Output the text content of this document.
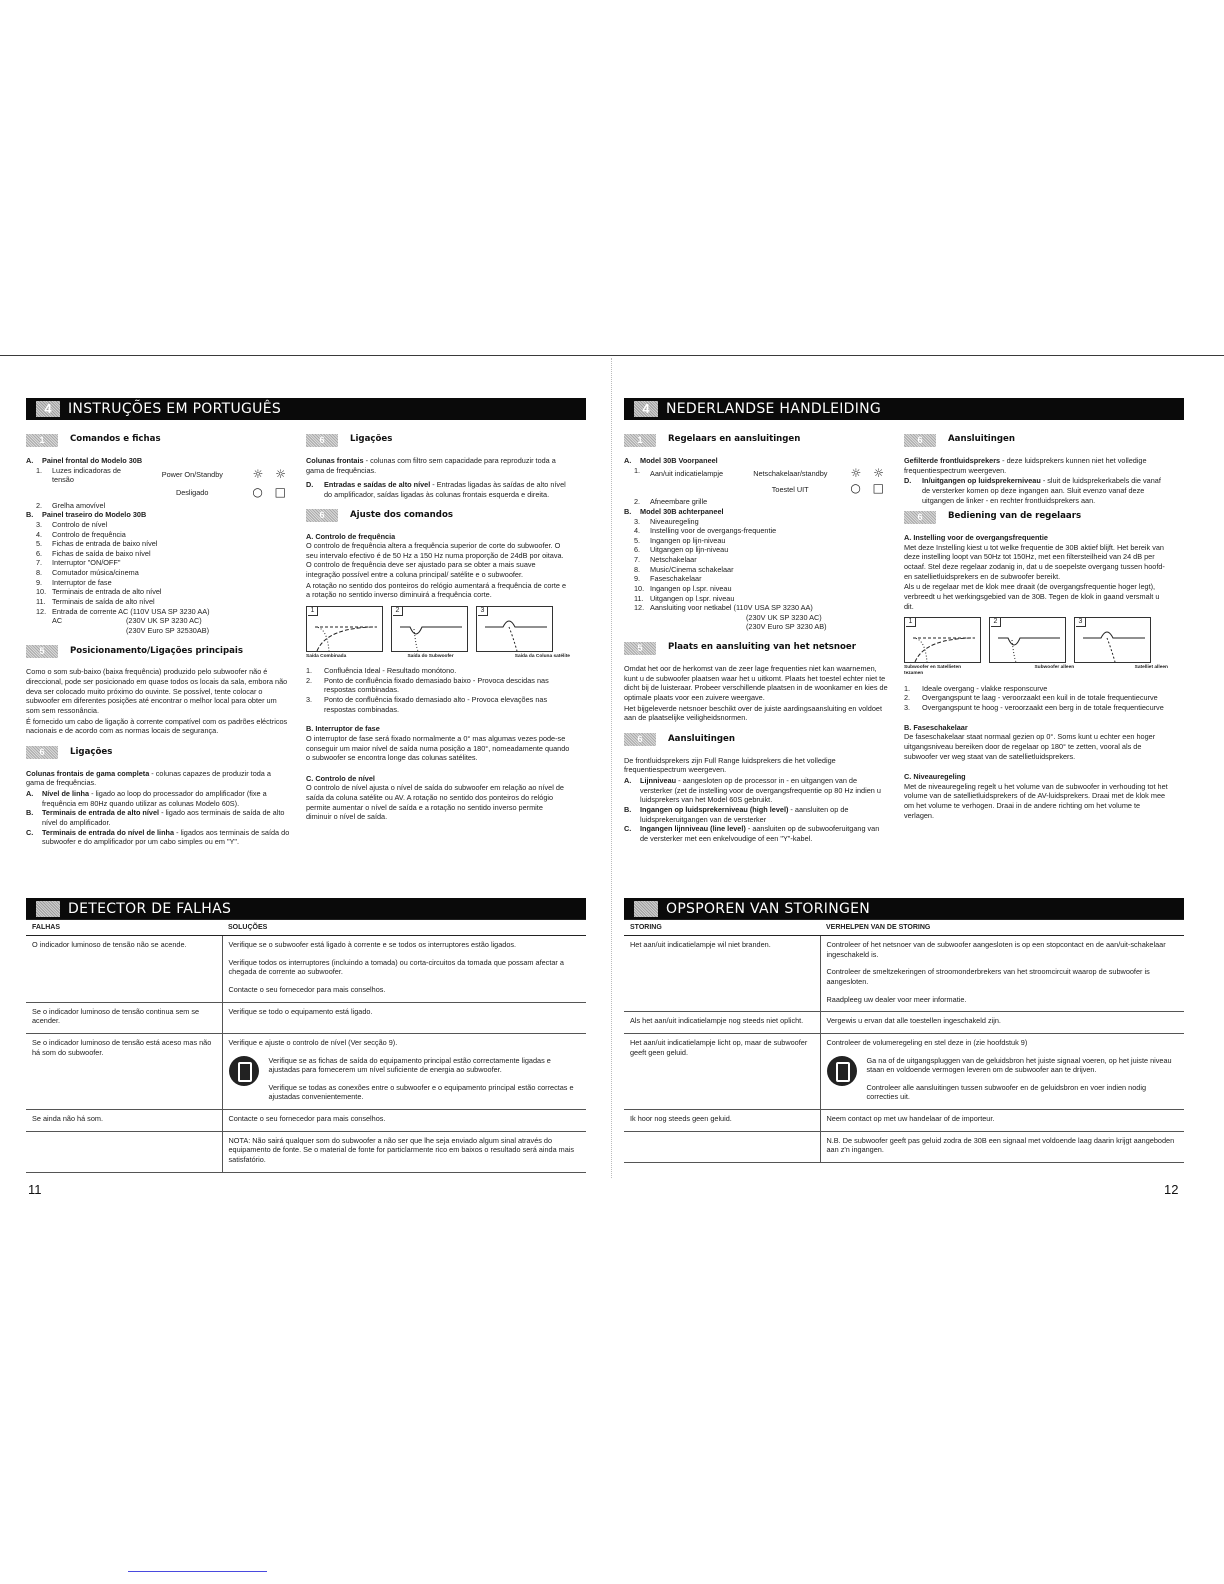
4	INSTRUÇÕES EM PORTUGUÊS
1	Comandos e fichas
A.	Painel frontal do Modelo 30B
1.	Luzes indicadoras de tensão
Power On/Standby ☼ ☼
Desligado	○ □
2.	Grelha amovível
B.	Painel traseiro do Modelo 30B
3.	Controlo de nível
4.	Controlo de frequência
5.	Fichas de entrada de baixo nível
6.	Fichas de saída de baixo nível
7.	Interruptor "ON/OFF"
8.	Comutador música/cinema
9.	Interruptor de fase
10. Terminais de entrada de alto nível
11. Terminais de saída de alto nível
12. Entrada de corrente AC (110V USA SP 3230 AA)
AC	(230V UK SP 3230 AC)
(230V Euro SP 32530AB)
5	Posicionamento/Ligações principais

Como o som sub-baixo (baixa frequência) produzido pelo subwoofer não é direccional, pode ser posicionado em quase todos os locais da sala, embora não deva ser colocado muito próximo do ouvinte. Se possível, tente colocar o subwoofer em diferentes posições até encontrar o melhor local para obter um som sem ressonância.

É fornecido um cabo de ligação à corrente compatível com os padrões eléctricos nacionais e de acordo com as normas locais de segurança.

6	Ligações

Colunas frontais de gama completa - colunas capazes de produzir toda a gama de frequências.

A.	Nível de linha - ligado ao loop do processador do amplificador (fixe a frequência em 80Hz quando utilizar as colunas Modelo 60S).
B.	Terminais de entrada de alto nível - ligado aos terminais de saída de alto nível do amplificador.
C.	Terminais de entrada do nível de linha - ligados aos terminais de saída do subwoofer e do amplificador por um cabo simples ou em "Y".
6	Ligações

Colunas frontais - colunas com filtro sem capacidade para reproduzir toda a gama de frequências.

D.	Entradas e saídas de alto nível - Entradas ligadas às saídas de alto nível do amplificador, saídas ligadas às colunas frontais esquerda e direita.
6	Ajuste dos comandos
A. Controlo de frequência

O controlo de frequência altera a frequência superior de corte do subwoofer. O seu intervalo efectivo é de 50 Hz a 150 Hz numa proporção de 24dB por oitava. O controlo de frequência deve ser ajustado para se obter a mais suave integração possível entre a coluna principal/ satélite e o subwoofer.

A rotação no sentido dos ponteiros do relógio aumentará a frequência de corte e a rotação no sentido inverso diminuirá a frequência corte.

1	2	3
Saída Combinada	Saída do Subwoofer	Saída da Coluna satélite
1.	Confluência Ideal - Resultado monótono.
2.	Ponto de confluência fixado demasiado baixo - Provoca descidas nas respostas combinadas.
3.	Ponto de confluência fixado demasiado alto - Provoca elevações nas respostas combinadas.
B. Interruptor de fase

O interruptor de fase será fixado normalmente a 0° mas algumas vezes pode-se conseguir um maior nível de saída numa posição a 180°, nomeadamente quando o subwoofer se encontra longe das colunas satélites.

C. Controlo de nível

O controlo de nível ajusta o nível de saída do subwoofer em relação ao nível de saída da coluna satélite ou AV. A rotação no sentido dos ponteiros do relógio permite aumentar o nível de saída e a rotação no sentido inverso permite diminuir o nível de saída.

DETECTOR DE FALHAS
FALHAS	SOLUÇÕES
O indicador luminoso de tensão não se acende.	Verifique se o subwoofer está ligado à corrente e se todos os interruptores estão ligados.
Verifique todos os interruptores (incluindo a tomada) ou corta-circuitos da tomada que possam afectar a chegada de corrente ao subwoofer.
Contacte o seu fornecedor para mais conselhos.

Se o indicador luminoso de tensão continua sem se acender.	Verifique se todo o equipamento está ligado.
Se o indicador luminoso de tensão está aceso mas não há som do subwoofer.	Verifique e ajuste o controlo de nível (Ver secção 9).
Verifique se as fichas de saída do equipamento principal estão correctamente ligadas e ajustadas para fornecerem um nível suficiente de energia ao subwoofer.
Verifique se todas as conexões entre o subwoofer e o equipamento principal estão correctas e ajustadas convenientemente.

Se ainda não há som.	Contacte o seu fornecedor para mais conselhos.
	NOTA: Não sairá qualquer som do subwoofer a não ser que lhe seja enviado algum sinal através do equipamento de fonte. Se o material de fonte for particlarmente rico em baixos o resultado será ainda mais satisfatório.
11
4	NEDERLANDSE HANDLEIDING
1	Regelaars en aansluitingen
A.	Model 30B Voorpaneel
1.	Aan/uit indicatielampje	Netschakelaar/standby ☼ ☼
Toestel UIT	○ □
2.	Afneembare grille
B.	Model 30B achterpaneel
3.	Niveauregeling
4.	Instelling voor de overgangs-frequentie
5.	Ingangen op lijn-niveau
6.	Uitgangen op lijn-niveau
7.	Netschakelaar
8.	Music/Cinema schakelaar
9.	Faseschakelaar
10. Ingangen op l.spr. niveau
11. Uitgangen op l.spr. niveau
12. Aansluiting voor netkabel (110V USA SP 3230 AA)
(230V UK SP 3230 AC)
(230V Euro SP 3230 AB)
5	Plaats en aansluiting van het netsnoer

Omdat het oor de herkomst van de zeer lage frequenties niet kan waarnemen, kunt u de subwoofer plaatsen waar het u uitkomt. Plaats het toestel echter niet te dicht bij de luisteraar. Probeer verschillende plaatsen in de woonkamer en kies de optimale plaats voor een zuivere weergave.

Het bijgeleverde netsnoer beschikt over de juiste aardingsaansluiting en voldoet aan de plaatselijke veiligheidsnormen.

6	Aansluitingen

De frontluidsprekers zijn Full Range luidsprekers die het volledige frequentiespectrum weergeven.

A.	Lijnniveau - aangesloten op de processor in - en uitgangen van de versterker (zet de instelling voor de overgangsfrequentie op 80 Hz indien u luidsprekers van het Model 60S gebruikt.
B.	Ingangen op luidsprekerniveau (high level) - aansluiten op de luidsprekeruitgangen van de versterker
C.	Ingangen lijnniveau (line level) - aansluiten op de subwooferuitgang van de versterker met een enkelvoudige of een "Y"-kabel.
6	Aansluitingen

Gefilterde frontluidsprekers - deze luidsprekers kunnen niet het volledige frequentiespectrum weergeven.

D.	In/uitgangen op luidsprekerniveau - sluit de luidsprekerkabels die vanaf de versterker komen op deze ingangen aan. Sluit evenzo vanaf deze uitgangen de linker - en rechter frontluidsprekers aan.
6	Bediening van de regelaars
A. Instelling voor de overgangsfrequentie

Met deze Instelling kiest u tot welke frequentie de 30B aktief blijft. Het bereik van deze instelling loopt van 50Hz tot 150Hz, met een filtersteilheid van 24 dB per octaaf. Stel deze regelaar zodanig in, dat u de soepelste overgang tussen hoofd- en satellietluidsprekers en de subwoofer bereikt.

Als u de regelaar met de klok mee draait (de overgangsfrequentie hoger legt), verbreedt u het werkingsgebied van de 30B. Tegen de klok in gaand versmalt u dit.

1	2	3
Subwoofer en Satellieten tezamen
Subwoofer alleen	Satelliet alleen
1.	Ideale overgang - vlakke responscurve
2.	Overgangspunt te laag - veroorzaakt een kuil in de totale frequentiecurve
3.	Overgangspunt te hoog - veroorzaakt een berg in de totale frequentiecurve
B. Faseschakelaar

De faseschakelaar staat normaal gezien op 0°. Soms kunt u echter een hoger uitgangsniveau bereiken door de regelaar op 180° te zetten, vooral als de subwoofer ver weg staat van de satellietluidsprekers.

C. Niveauregeling

Met de niveauregeling regelt u het volume van de subwoofer in verhouding tot het volume van de satellietluidsprekers of de AV-luidsprekers. Draai met de klok mee om het volume te verhogen. Draai in de andere richting om het volume te verlagen.

OPSPOREN VAN STORINGEN
STORING	VERHELPEN VAN DE STORING
Het aan/uit indicatielampje wil niet branden.	Controleer of het netsnoer van de subwoofer aangesloten is op een stopcontact en de aan/uit-schakelaar ingeschakeld is.
Controleer de smeltzekeringen of stroomonderbrekers van het stroomcircuit waarop de subwoofer is aangesloten.
Raadpleeg uw dealer voor meer informatie.

Als het aan/uit indicatielampje nog steeds niet oplicht.	Vergewis u ervan dat alle toestellen ingeschakeld zijn.
Het aan/uit indicatielampje licht op, maar de subwoofer geeft geen geluid.	Controleer de volumeregeling en stel deze in (zie hoofdstuk 9)
Ga na of de uitgangspluggen van de geluidsbron het juiste signaal voeren, op het juiste niveau staan en voldoende vermogen leveren om de subwoofer aan te drijven.
Controleer alle aansluitingen tussen subwoofer en de geluidsbron en voer indien nodig correcties uit.

Ik hoor nog steeds geen geluid.	Neem contact op met uw handelaar of de importeur.
	N.B. De subwoofer geeft pas geluid zodra de 30B een signaal met voldoende laag daarin krijgt aangeboden aan z'n ingangen.
12
